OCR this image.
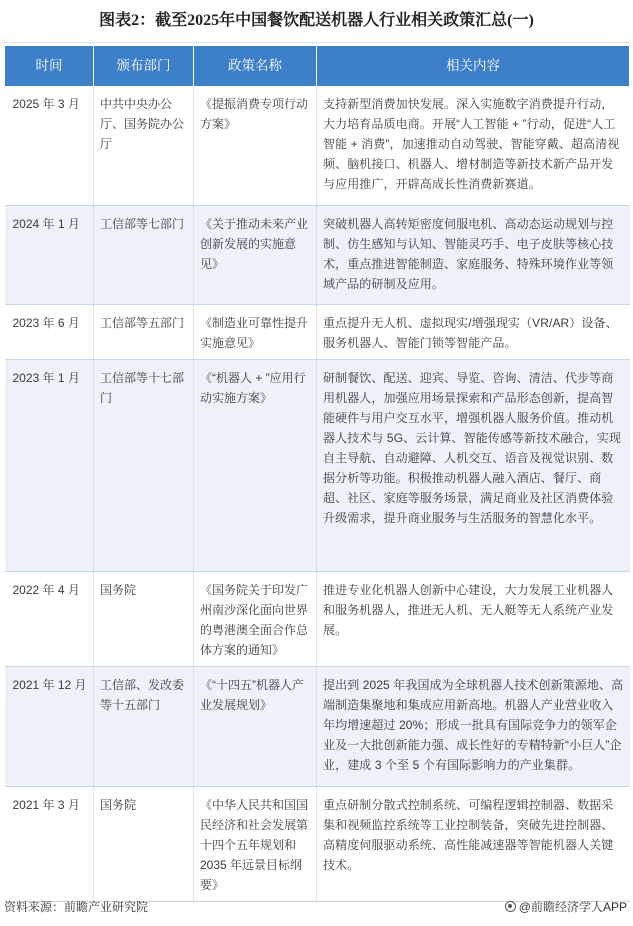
图表2：截至2025年中国餐饮配送机器人行业相关政策汇总(一)
时间	颁布部门	政策名称	相关内容
2025 年 3 月	中共中央办公厅、国务院办公厅	《提振消费专项行动方案》	支持新型消费加快发展。深入实施数字消费提升行动，大力培育品质电商。开展“人工智能 + ”行动，促进“人工智能 + 消费”，加速推动自动驾驶、智能穿戴、超高清视频、脑机接口、机器人、增材制造等新技术新产品开发与应用推广，开辟高成长性消费新赛道。
2024 年 1 月	工信部等七部门	《关于推动未来产业创新发展的实施意见》	突破机器人高转矩密度伺服电机、高动态运动规划与控制、仿生感知与认知、智能灵巧手、电子皮肤等核心技术，重点推进智能制造、家庭服务、特殊环境作业等领域产品的研制及应用。
2023 年 6 月	工信部等五部门	《制造业可靠性提升实施意见》	重点提升无人机、虚拟现实/增强现实（VR/AR）设备、服务机器人、智能门锁等智能产品。
2023 年 1 月	工信部等十七部门	《“机器人 + ”应用行动实施方案》	研制餐饮、配送、迎宾、导览、咨询、清洁、代步等商用机器人，加强应用场景探索和产品形态创新，提高智能硬件与用户交互水平，增强机器人服务价值。推动机器人技术与 5G、云计算、智能传感等新技术融合，实现自主导航、自动避障、人机交互、语音及视觉识别、数据分析等功能。积极推动机器人融入酒店、餐厅、商超、社区、家庭等服务场景，满足商业及社区消费体验升级需求，提升商业服务与生活服务的智慧化水平。
2022 年 4 月	国务院	《国务院关于印发广州南沙深化面向世界的粤港澳全面合作总体方案的通知》	推进专业化机器人创新中心建设，大力发展工业机器人和服务机器人，推进无人机、无人艇等无人系统产业发展。
2021 年 12 月	工信部、发改委等十五部门	《“十四五”机器人产业发展规划》	提出到 2025 年我国成为全球机器人技术创新策源地、高端制造集聚地和集成应用新高地。机器人产业营业收入年均增速超过 20%；形成一批具有国际竞争力的领军企业及一大批创新能力强、成长性好的专精特新“小巨人”企业，建成 3 个至 5 个有国际影响力的产业集群。
2021 年 3 月	国务院	《中华人民共和国国民经济和社会发展第十四个五年规划和 2035 年远景目标纲要》	重点研制分散式控制系统、可编程逻辑控制器、数据采集和视频监控系统等工业控制装备，突破先进控制器、高精度伺服驱动系统、高性能减速器等智能机器人关键技术。
资料来源：前瞻产业研究院	@前瞻经济学人APP
